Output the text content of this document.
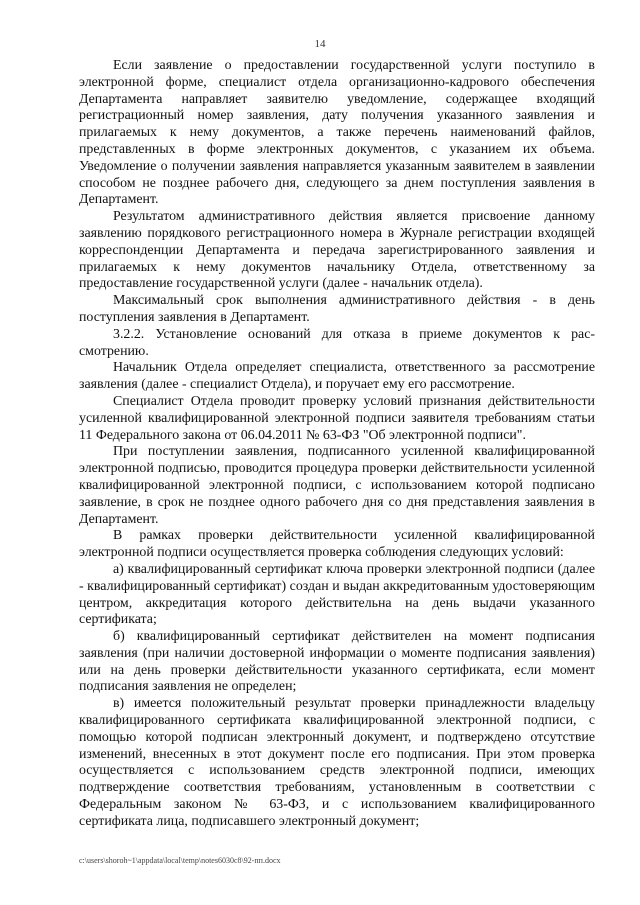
14

Если заявление о предоставлении государственной услуги поступило в электронной форме, специалист отдела организационно-кадрового обеспечения Департамента направляет заявителю уведомление, содержащее входящий регистрационный номер заявления, дату получения указанного заявления и прилагаемых к нему документов, а также перечень наименований файлов, представленных в форме электронных документов, с указанием их объема. Уведомление о получении заявления направляется указанным заявителем в заявлении способом не позднее рабочего дня, следующего за днем поступления заявления в Департамент.

Результатом административного действия является присвоение данному заявлению порядкового регистрационного номера в Журнале регистрации входящей корреспонденции Департамента и передача зарегистрированного заявления и прилагаемых к нему документов начальнику Отдела, ответственному за предоставление государственной услуги (далее - начальник отдела).

Максимальный срок выполнения административного действия - в день поступления заявления в Департамент.

3.2.2. Установление оснований для отказа в приеме документов к рас-смотрению.

Начальник Отдела определяет специалиста, ответственного за рассмотрение заявления (далее - специалист Отдела), и поручает ему его рассмотрение.

Специалист Отдела проводит проверку условий признания действительности усиленной квалифицированной электронной подписи заявителя требованиям статьи 11 Федерального закона от 06.04.2011 № 63-ФЗ "Об электронной подписи".

При поступлении заявления, подписанного усиленной квалифицированной электронной подписью, проводится процедура проверки действительности усиленной квалифицированной электронной подписи, с использованием которой подписано заявление, в срок не позднее одного рабочего дня со дня представления заявления в Департамент.

В рамках проверки действительности усиленной квалифицированной электронной подписи осуществляется проверка соблюдения следующих условий:

а) квалифицированный сертификат ключа проверки электронной подписи (далее - квалифицированный сертификат) создан и выдан аккредитованным удостоверяющим центром, аккредитация которого действительна на день выдачи указанного сертификата;

б) квалифицированный сертификат действителен на момент подписания заявления (при наличии достоверной информации о моменте подписания заявления) или на день проверки действительности указанного сертификата, если момент подписания заявления не определен;

в) имеется положительный результат проверки принадлежности владельцу квалифицированного сертификата квалифицированной электронной подписи, с помощью которой подписан электронный документ, и подтверждено отсутствие изменений, внесенных в этот документ после его подписания. При этом проверка осуществляется с использованием средств электронной подписи, имеющих подтверждение соответствия требованиям, установленным в соответствии с Федеральным законом № 63-ФЗ, и с использованием квалифицированного сертификата лица, подписавшего электронный документ;

c:\users\shoroh~1\appdata\local\temp\notes6030c8\92-пп.docx
